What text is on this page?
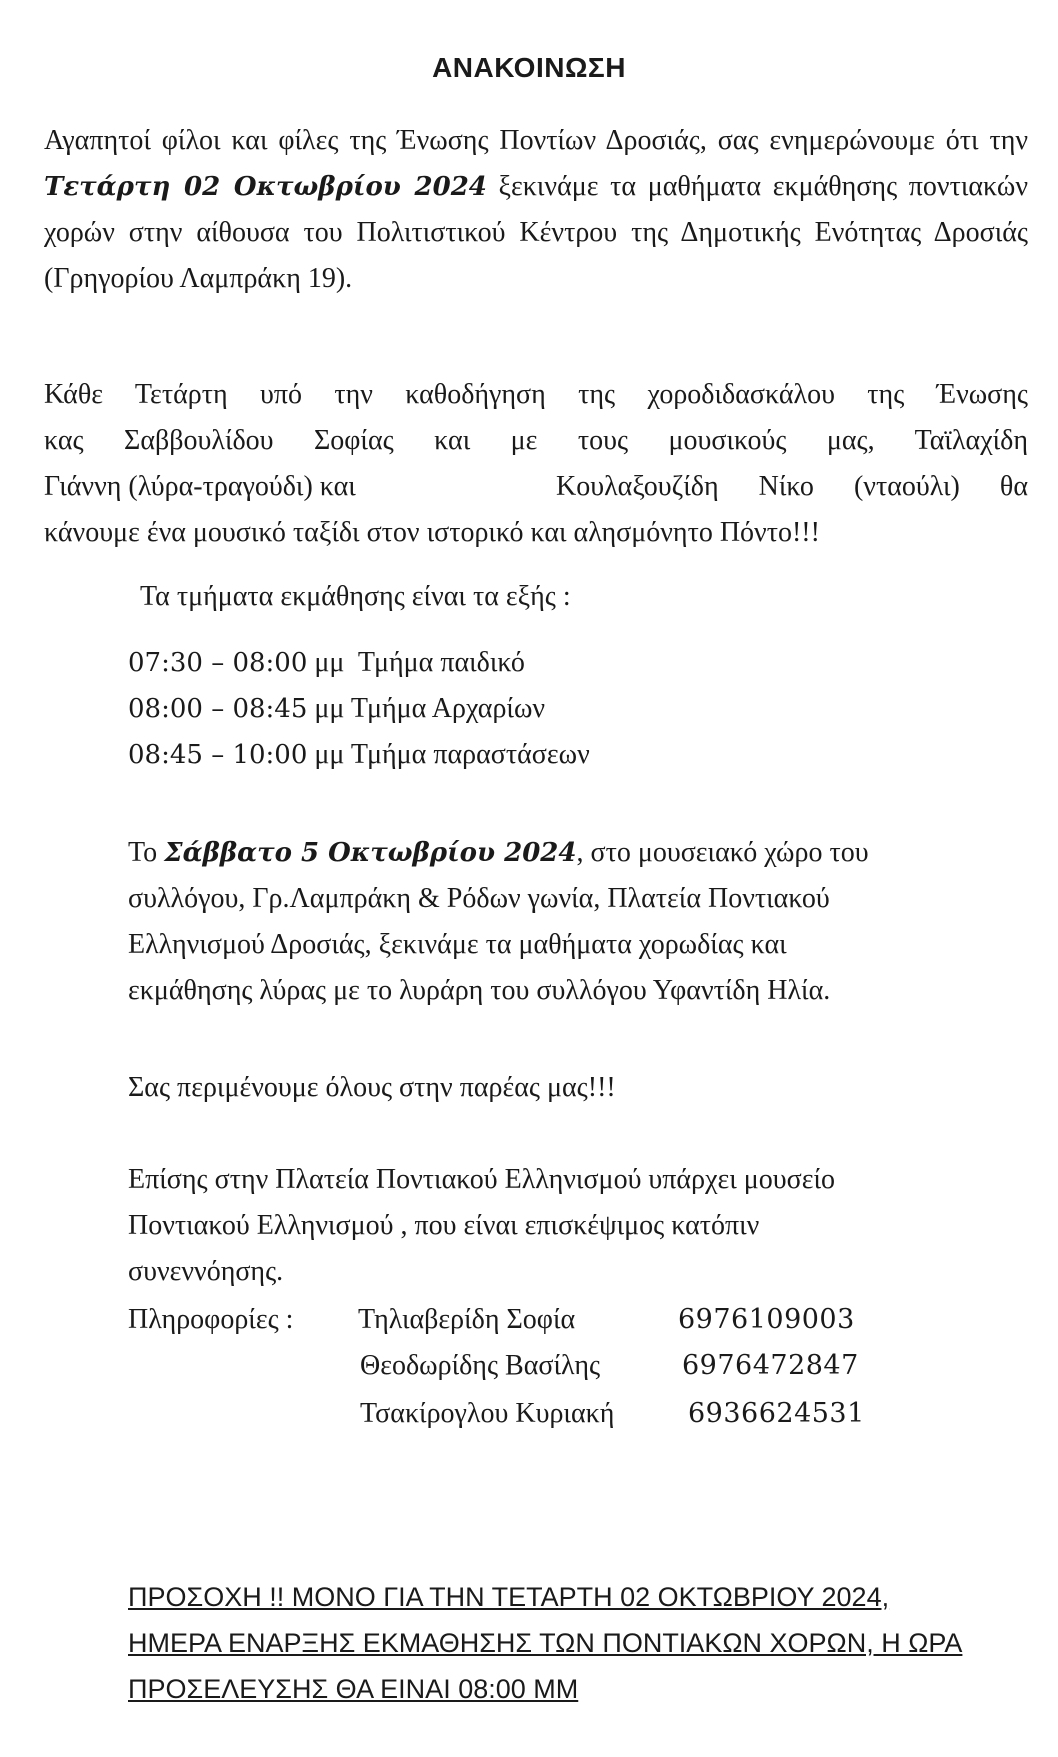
ΑΝΑΚΟΙΝΩΣΗ
Αγαπητοί φίλοι και φίλες της Ένωσης Ποντίων Δροσιάς, σας ενημερώνουμε ότι την Τετάρτη 02 Οκτωβρίου 2024 ξεκινάμε τα μαθήματα εκμάθησης ποντιακών χορών στην αίθουσα του Πολιτιστικού Κέντρου της Δημοτικής Ενότητας Δροσιάς (Γρηγορίου Λαμπράκη 19).
Κάθε Τετάρτη υπό την καθοδήγηση της χοροδιδασκάλου της Ένωσης
κας Σαββουλίδου Σοφίας και με τους μουσικούς μας, Ταϊλαχίδη
Γιάννη (λύρα-τραγούδι) και	Κουλαξουζίδη Νίκο (νταούλι) θα
κάνουμε ένα μουσικό ταξίδι στον ιστορικό και αλησμόνητο Πόντο!!!
Τα τμήματα εκμάθησης είναι τα εξής :
07:30 – 08:00 μμ Τμήμα παιδικό
08:00 – 08:45 μμ Τμήμα Αρχαρίων
08:45 – 10:00 μμ Τμήμα παραστάσεων
Το Σάββατο 5 Οκτωβρίου 2024, στο μουσειακό χώρο του
συλλόγου, Γρ.Λαμπράκη & Ρόδων γωνία, Πλατεία Ποντιακού
Ελληνισμού Δροσιάς, ξεκινάμε τα μαθήματα χορωδίας και
εκμάθησης λύρας με το λυράρη του συλλόγου Υφαντίδη Ηλία.
Σας περιμένουμε όλους στην παρέας μας!!!
Επίσης στην Πλατεία Ποντιακού Ελληνισμού υπάρχει μουσείο
Ποντιακού Ελληνισμού , που είναι επισκέψιμος κατόπιν
συνεννόησης.
Πληροφορίες : Τηλιαβερίδη Σοφία	6976109003
Θεοδωρίδης Βασίλης	6976472847
Τσακίρογλου Κυριακή	6936624531
ΠΡΟΣΟΧΗ !! ΜΟΝΟ ΓΙΑ ΤΗΝ ΤΕΤΑΡΤΗ 02 ΟΚΤΩΒΡΙΟΥ 2024,
ΗΜΕΡΑ ΕΝΑΡΞΗΣ ΕΚΜΑΘΗΣΗΣ ΤΩΝ ΠΟΝΤΙΑΚΩΝ ΧΟΡΩΝ, Η ΩΡΑ
ΠΡΟΣΕΛΕΥΣΗΣ ΘΑ ΕΙΝΑΙ 08:00 ΜΜ
